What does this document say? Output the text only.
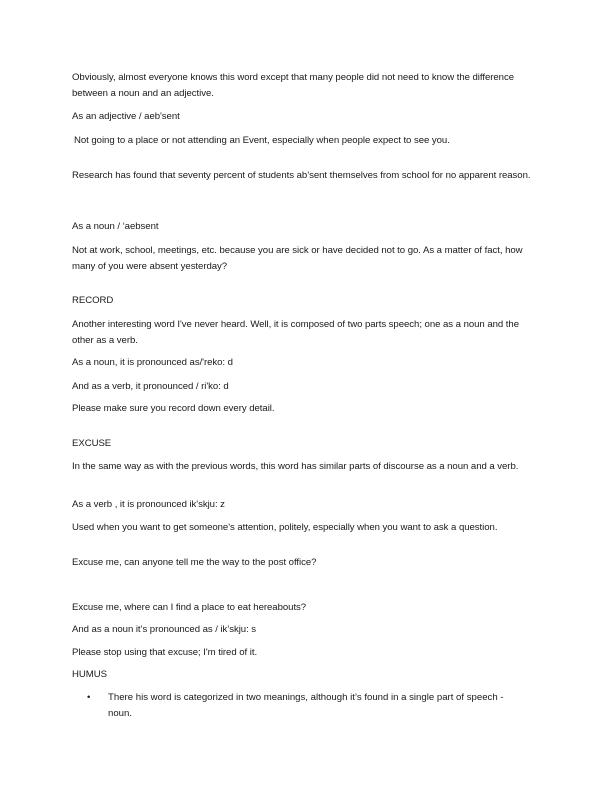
Obviously, almost everyone knows this word except that many people did not need to know the difference between a noun and an adjective.
As an adjective / aeb'sent
Not going to a place or not attending an Event, especially when people expect to see you.
Research has found that seventy percent of students ab’sent themselves from school for no apparent reason.
As a noun / ‘aebsent
Not at work, school, meetings, etc. because you are sick or have decided not to go. As a matter of fact, how many of you were absent yesterday?
RECORD
Another interesting word I've never heard. Well, it is composed of two parts speech; one as a noun and the other as a verb.
As a noun, it is pronounced as/'reko: d
And as a verb, it pronounced / ri'ko: d
Please make sure you record down every detail.
EXCUSE
In the same way as with the previous words, this word has similar parts of discourse as a noun and a verb.
As a verb , it is pronounced ik'skju: z
Used when you want to get someone's attention, politely, especially when you want to ask a question.
Excuse me, can anyone tell me the way to the post office?
Excuse me, where can I find a place to eat hereabouts?
And as a noun it’s pronounced as / ik’skju: s
Please stop using that excuse; I'm tired of it.
HUMUS
• There his word is categorized in two meanings, although it’s found in a single part of speech - noun.
